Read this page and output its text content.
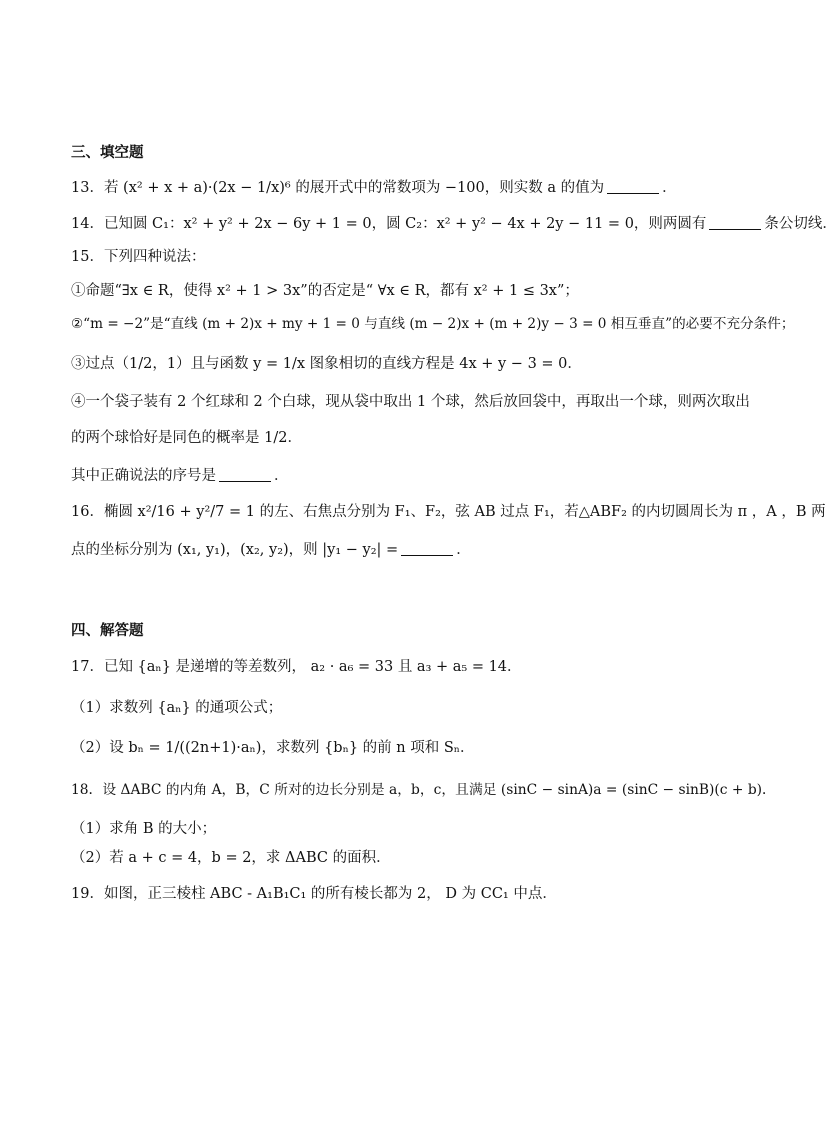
三、填空题
13．若 (x² + x + a)·(2x − 1/x)⁶ 的展开式中的常数项为 −100，则实数 a 的值为	．
14．已知圆 C₁：x² + y² + 2x − 6y + 1 = 0，圆 C₂：x² + y² − 4x + 2y − 11 = 0，则两圆有	条公切线．
15．下列四种说法：
①命题“∃x ∈ R，使得 x² + 1 > 3x”的否定是“ ∀x ∈ R，都有 x² + 1 ≤ 3x”；
②“m = −2”是“直线 (m + 2)x + my + 1 = 0 与直线 (m − 2)x + (m + 2)y − 3 = 0 相互垂直”的必要不充分条件；
③过点（1/2，1）且与函数 y = 1/x 图象相切的直线方程是 4x + y − 3 = 0．
④一个袋子装有 2 个红球和 2 个白球，现从袋中取出 1 个球，然后放回袋中，再取出一个球，则两次取出
的两个球恰好是同色的概率是 1/2．
其中正确说法的序号是	．
16．椭圆 x²/16 + y²/7 = 1 的左、右焦点分别为 F₁、F₂，弦 AB 过点 F₁，若△ABF₂ 的内切圆周长为 π ，A ，B 两
点的坐标分别为 (x₁, y₁)，(x₂, y₂)，则 |y₁ − y₂| =	．
四、解答题
17．已知 {aₙ} 是递增的等差数列， a₂ · a₆ = 33 且 a₃ + a₅ = 14．
（1）求数列 {aₙ} 的通项公式；
（2）设 bₙ = 1/((2n+1)·aₙ)，求数列 {bₙ} 的前 n 项和 Sₙ．
18．设 ΔABC 的内角 A，B，C 所对的边长分别是 a，b，c，且满足 (sinC − sinA)a = (sinC − sinB)(c + b)．
（1）求角 B 的大小；
（2）若 a + c = 4，b = 2，求 ΔABC 的面积．
19．如图，正三棱柱 ABC - A₁B₁C₁ 的所有棱长都为 2， D 为 CC₁ 中点．
